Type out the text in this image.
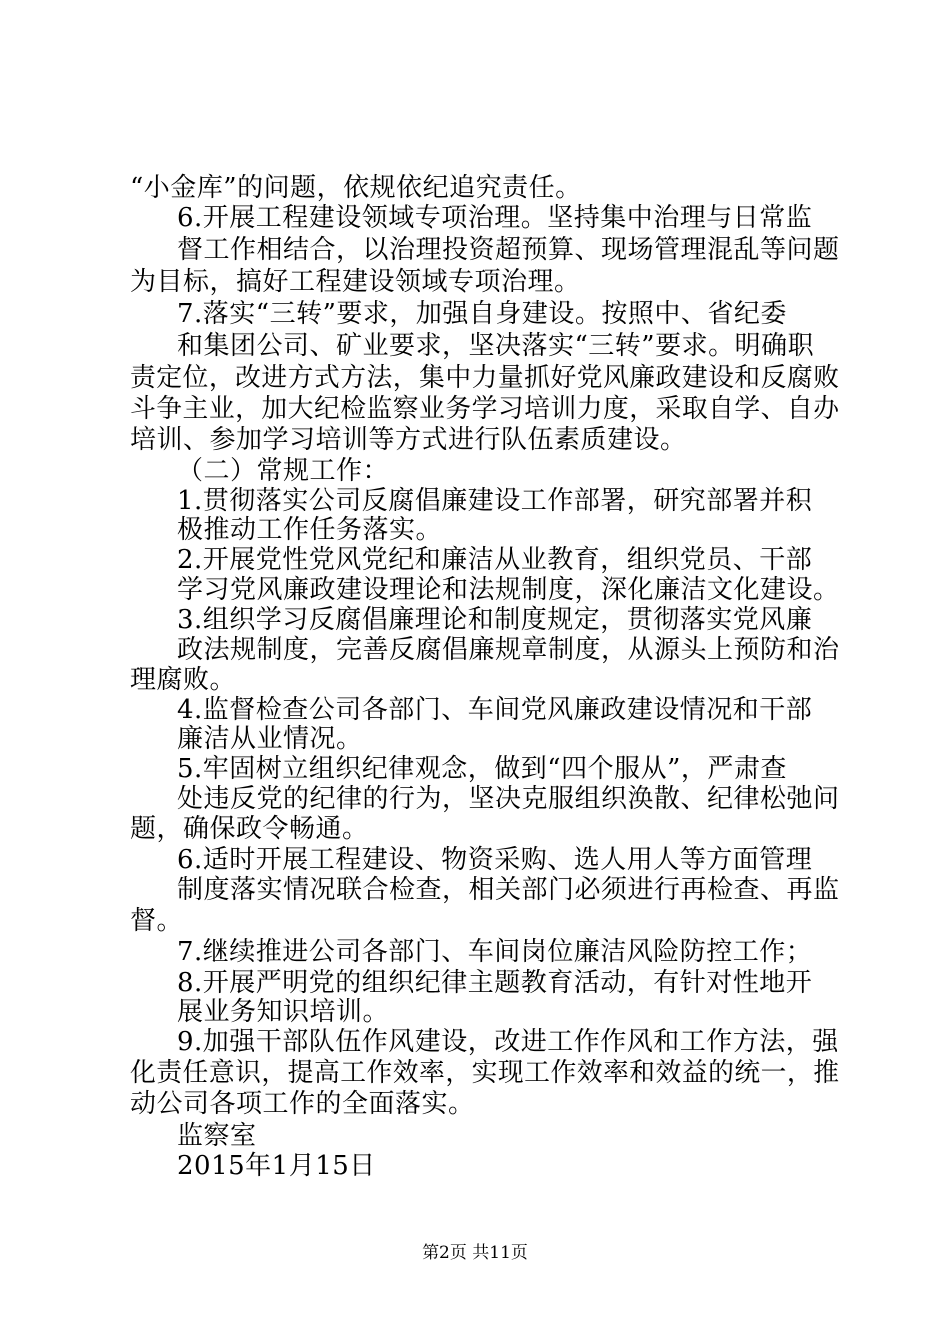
“小金库”的问题，依规依纪追究责任。
6.开展工程建设领域专项治理。坚持集中治理与日常监
督工作相结合，以治理投资超预算、现场管理混乱等问题
为目标，搞好工程建设领域专项治理。
7.落实“三转”要求，加强自身建设。按照中、省纪委
和集团公司、矿业要求，坚决落实“三转”要求。明确职
责定位，改进方式方法，集中力量抓好党风廉政建设和反腐败
斗争主业，加大纪检监察业务学习培训力度，采取自学、自办
培训、参加学习培训等方式进行队伍素质建设。
（二）常规工作：
1.贯彻落实公司反腐倡廉建设工作部署，研究部署并积
极推动工作任务落实。
2.开展党性党风党纪和廉洁从业教育，组织党员、干部
学习党风廉政建设理论和法规制度，深化廉洁文化建设。
3.组织学习反腐倡廉理论和制度规定，贯彻落实党风廉
政法规制度，完善反腐倡廉规章制度，从源头上预防和治
理腐败。
4.监督检查公司各部门、车间党风廉政建设情况和干部
廉洁从业情况。
5.牢固树立组织纪律观念，做到“四个服从”，严肃查
处违反党的纪律的行为，坚决克服组织涣散、纪律松弛问
题，确保政令畅通。
6.适时开展工程建设、物资采购、选人用人等方面管理
制度落实情况联合检查，相关部门必须进行再检查、再监
督。
7.继续推进公司各部门、车间岗位廉洁风险防控工作；
8.开展严明党的组织纪律主题教育活动，有针对性地开
展业务知识培训。
9.加强干部队伍作风建设，改进工作作风和工作方法，强
化责任意识，提高工作效率，实现工作效率和效益的统一，推
动公司各项工作的全面落实。
监察室
2015年1月15日
第2页 共11页
